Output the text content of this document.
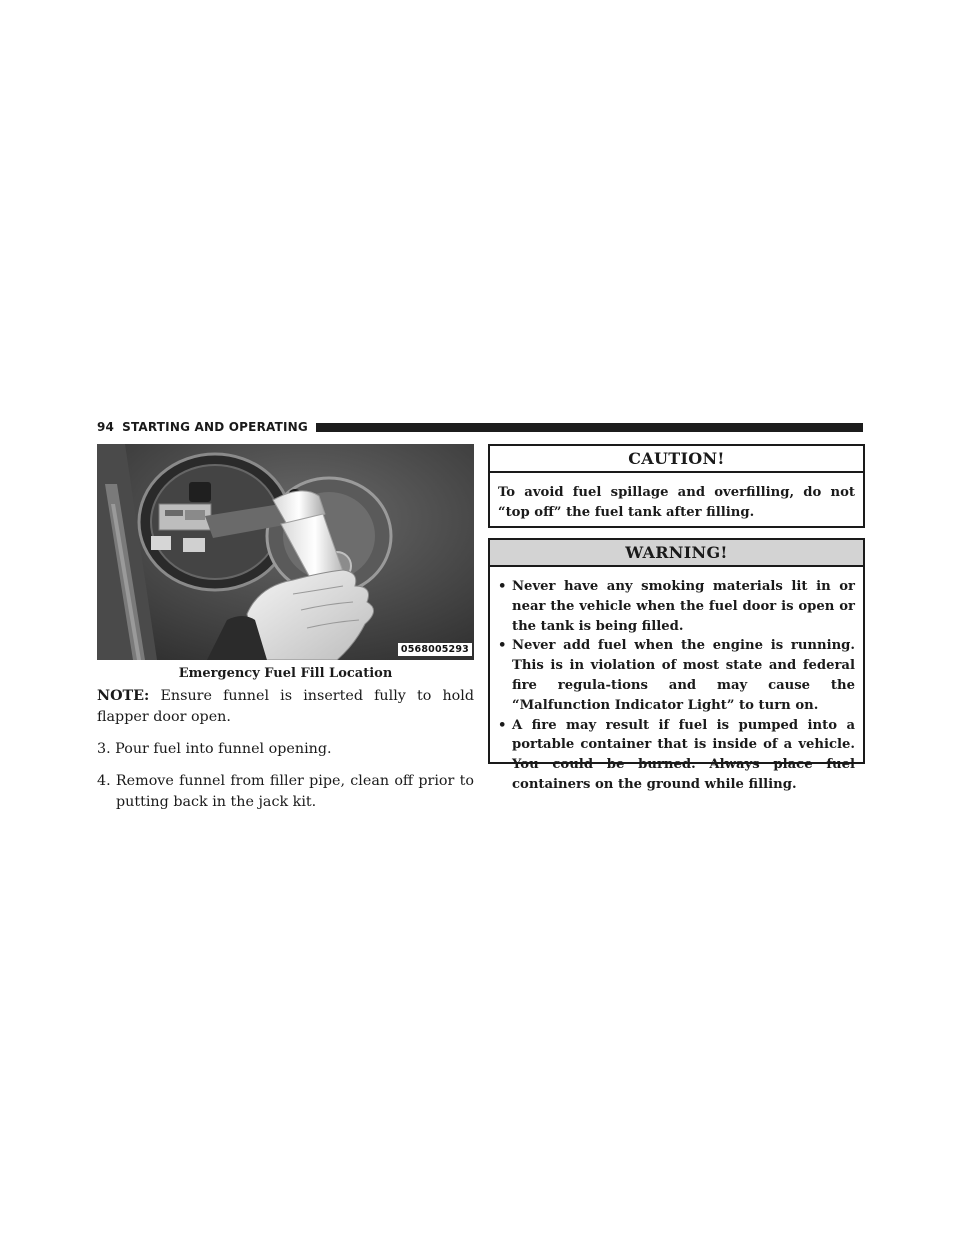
94 STARTING AND OPERATING
0568005293
Emergency Fuel Fill Location

NOTE: Ensure funnel is inserted fully to hold flapper door open.

3. Pour fuel into funnel opening.

4. Remove funnel from filler pipe, clean off prior to putting back in the jack kit.

CAUTION!
To avoid fuel spillage and overfilling, do not “top off” the fuel tank after filling.
WARNING!
• Never have any smoking materials lit in or near the vehicle when the fuel door is open or the tank is being filled.
• Never add fuel when the engine is running. This is in violation of most state and federal fire regula-tions and may cause the “Malfunction Indicator Light” to turn on.
• A fire may result if fuel is pumped into a portable container that is inside of a vehicle. You could be burned. Always place fuel containers on the ground while filling.
